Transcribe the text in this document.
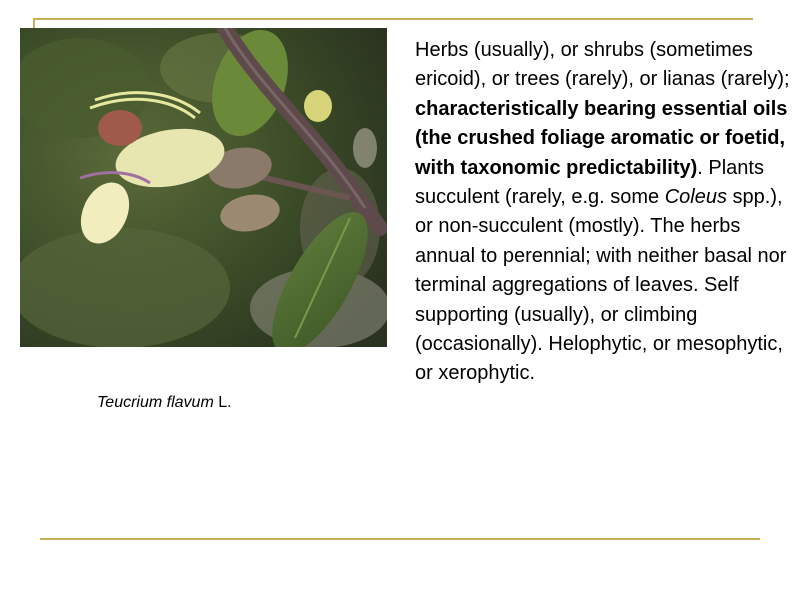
Teucrium flavum L.
Herbs (usually), or shrubs (sometimes ericoid), or trees (rarely), or lianas (rarely); characteristically bearing essential oils (the crushed foliage aromatic or foetid, with taxonomic predictability). Plants succulent (rarely, e.g. some Coleus spp.), or non-succulent (mostly). The herbs annual to perennial; with neither basal nor terminal aggregations of leaves. Self supporting (usually), or climbing (occasionally). Helophytic, or mesophytic, or xerophytic.
